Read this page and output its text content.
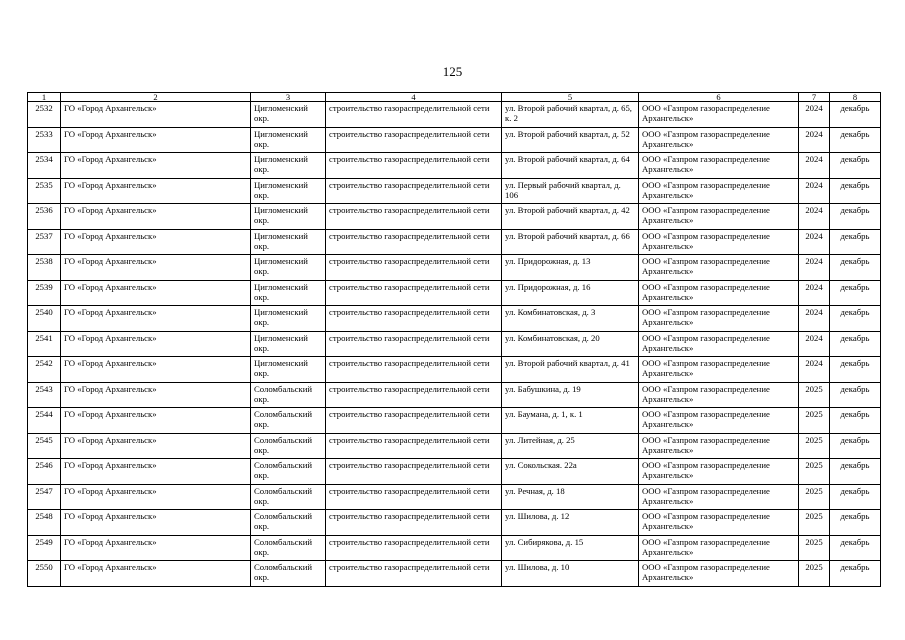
125
1	2	3	4	5	6	7	8
2532	ГО «Город Архангельск»	Цигломенский окр.	строительство газораспределительной сети	ул. Второй рабочий квартал, д. 65, к. 2	ООО «Газпром газораспределение Архангельск»	2024	декабрь
2533	ГО «Город Архангельск»	Цигломенский окр.	строительство газораспределительной сети	ул. Второй рабочий квартал, д. 52	ООО «Газпром газораспределение Архангельск»	2024	декабрь
2534	ГО «Город Архангельск»	Цигломенский окр.	строительство газораспределительной сети	ул. Второй рабочий квартал, д. 64	ООО «Газпром газораспределение Архангельск»	2024	декабрь
2535	ГО «Город Архангельск»	Цигломенский окр.	строительство газораспределительной сети	ул. Первый рабочий квартал, д. 106	ООО «Газпром газораспределение Архангельск»	2024	декабрь
2536	ГО «Город Архангельск»	Цигломенский окр.	строительство газораспределительной сети	ул. Второй рабочий квартал, д. 42	ООО «Газпром газораспределение Архангельск»	2024	декабрь
2537	ГО «Город Архангельск»	Цигломенский окр.	строительство газораспределительной сети	ул. Второй рабочий квартал, д. 66	ООО «Газпром газораспределение Архангельск»	2024	декабрь
2538	ГО «Город Архангельск»	Цигломенский окр.	строительство газораспределительной сети	ул. Придорожная, д. 13	ООО «Газпром газораспределение Архангельск»	2024	декабрь
2539	ГО «Город Архангельск»	Цигломенский окр.	строительство газораспределительной сети	ул. Придорожная, д. 16	ООО «Газпром газораспределение Архангельск»	2024	декабрь
2540	ГО «Город Архангельск»	Цигломенский окр.	строительство газораспределительной сети	ул. Комбинатовская, д. 3	ООО «Газпром газораспределение Архангельск»	2024	декабрь
2541	ГО «Город Архангельск»	Цигломенский окр.	строительство газораспределительной сети	ул. Комбинатовская, д. 20	ООО «Газпром газораспределение Архангельск»	2024	декабрь
2542	ГО «Город Архангельск»	Цигломенский окр.	строительство газораспределительной сети	ул. Второй рабочий квартал, д. 41	ООО «Газпром газораспределение Архангельск»	2024	декабрь
2543	ГО «Город Архангельск»	Соломбальский окр.	строительство газораспределительной сети	ул. Бабушкина, д. 19	ООО «Газпром газораспределение Архангельск»	2025	декабрь
2544	ГО «Город Архангельск»	Соломбальский окр.	строительство газораспределительной сети	ул. Баумана, д. 1, к. 1	ООО «Газпром газораспределение Архангельск»	2025	декабрь
2545	ГО «Город Архангельск»	Соломбальский окр.	строительство газораспределительной сети	ул. Литейная, д. 25	ООО «Газпром газораспределение Архангельск»	2025	декабрь
2546	ГО «Город Архангельск»	Соломбальский окр.	строительство газораспределительной сети	ул. Сокольская. 22а	ООО «Газпром газораспределение Архангельск»	2025	декабрь
2547	ГО «Город Архангельск»	Соломбальский окр.	строительство газораспределительной сети	ул. Речная, д. 18	ООО «Газпром газораспределение Архангельск»	2025	декабрь
2548	ГО «Город Архангельск»	Соломбальский окр.	строительство газораспределительной сети	ул. Шилова, д. 12	ООО «Газпром газораспределение Архангельск»	2025	декабрь
2549	ГО «Город Архангельск»	Соломбальский окр.	строительство газораспределительной сети	ул. Сибирякова, д. 15	ООО «Газпром газораспределение Архангельск»	2025	декабрь
2550	ГО «Город Архангельск»	Соломбальский окр.	строительство газораспределительной сети	ул. Шилова, д. 10	ООО «Газпром газораспределение Архангельск»	2025	декабрь
